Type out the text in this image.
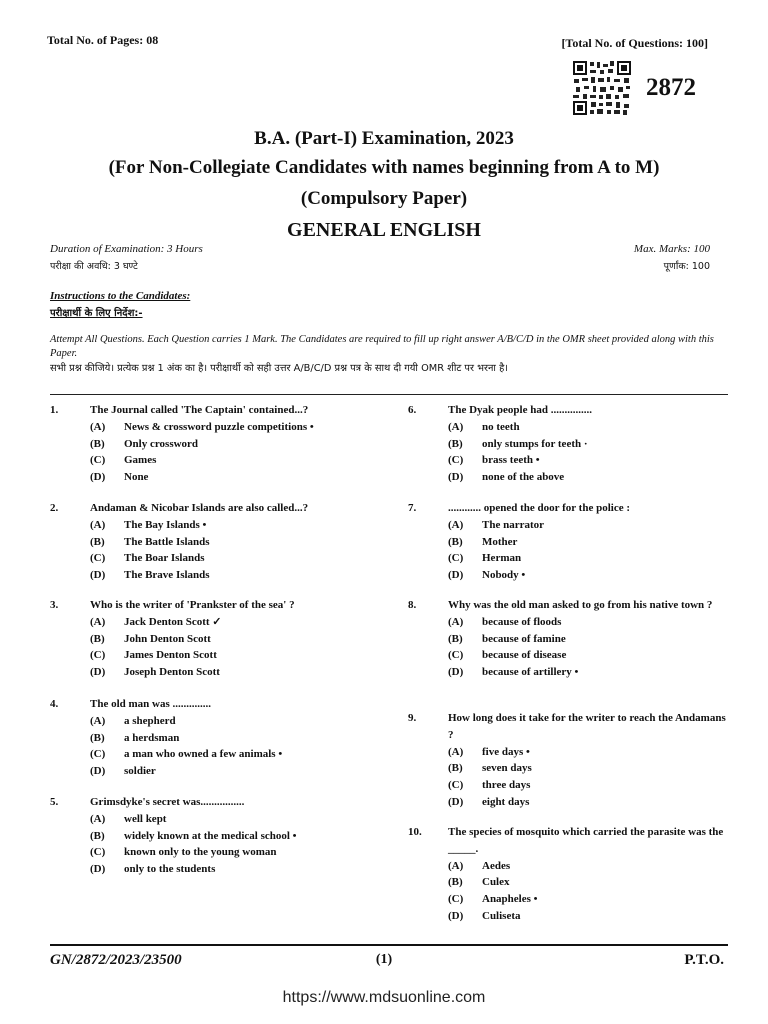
Total No. of Pages: 08	[Total No. of Questions: 100]
2872
B.A. (Part-I) Examination, 2023
(For Non-Collegiate Candidates with names beginning from A to M)
(Compulsory Paper)
GENERAL ENGLISH
Duration of Examination: 3 Hours
परीक्षा की अवधि: 3 घण्टे
Max. Marks: 100
पूर्णांक: 100
Instructions to the Candidates:
परीक्षार्थी के लिए निर्देश:-
Attempt All Questions. Each Question carries 1 Mark. The Candidates are required to fill up right answer A/B/C/D in the OMR sheet provided along with this Paper.
सभी प्रश्न कीजिये। प्रत्येक प्रश्न 1 अंक का है। परीक्षार्थी को सही उत्तर A/B/C/D प्रश्न पत्र के साथ दी गयी OMR शीट पर भरना है।
1.	The Journal called 'The Captain' contained...?
(A)	News & crossword puzzle competitions •
(B)	Only crossword
(C)	Games
(D)	None
2.	Andaman & Nicobar Islands are also called...?
(A)	The Bay Islands •
(B)	The Battle Islands
(C)	The Boar Islands
(D)	The Brave Islands
3.	Who is the writer of 'Prankster of the sea' ?
(A)	Jack Denton Scott ✓
(B)	John Denton Scott
(C)	James Denton Scott
(D)	Joseph Denton Scott
4.	The old man was ..............
(A)	a shepherd
(B)	a herdsman
(C)	a man who owned a few animals •
(D)	soldier
5.	Grimsdyke's secret was................
(A)	well kept
(B)	widely known at the medical school •
(C)	known only to the young woman
(D)	only to the students
6.	The Dyak people had ...............
(A)	no teeth
(B)	only stumps for teeth ·
(C)	brass teeth •
(D)	none of the above
7.	............ opened the door for the police :
(A)	The narrator
(B)	Mother
(C)	Herman
(D)	Nobody •
8.	Why was the old man asked to go from his native town ?
(A)	because of floods
(B)	because of famine
(C)	because of disease
(D)	because of artillery •
9.	How long does it take for the writer to reach the Andamans ?
(A)	five days •
(B)	seven days
(C)	three days
(D)	eight days
10.	The species of mosquito which carried the parasite was the _____.
(A)	Aedes
(B)	Culex
(C)	Anapheles •
(D)	Culiseta
GN/2872/2023/23500	(1)	P.T.O.
https://www.mdsuonline.com
